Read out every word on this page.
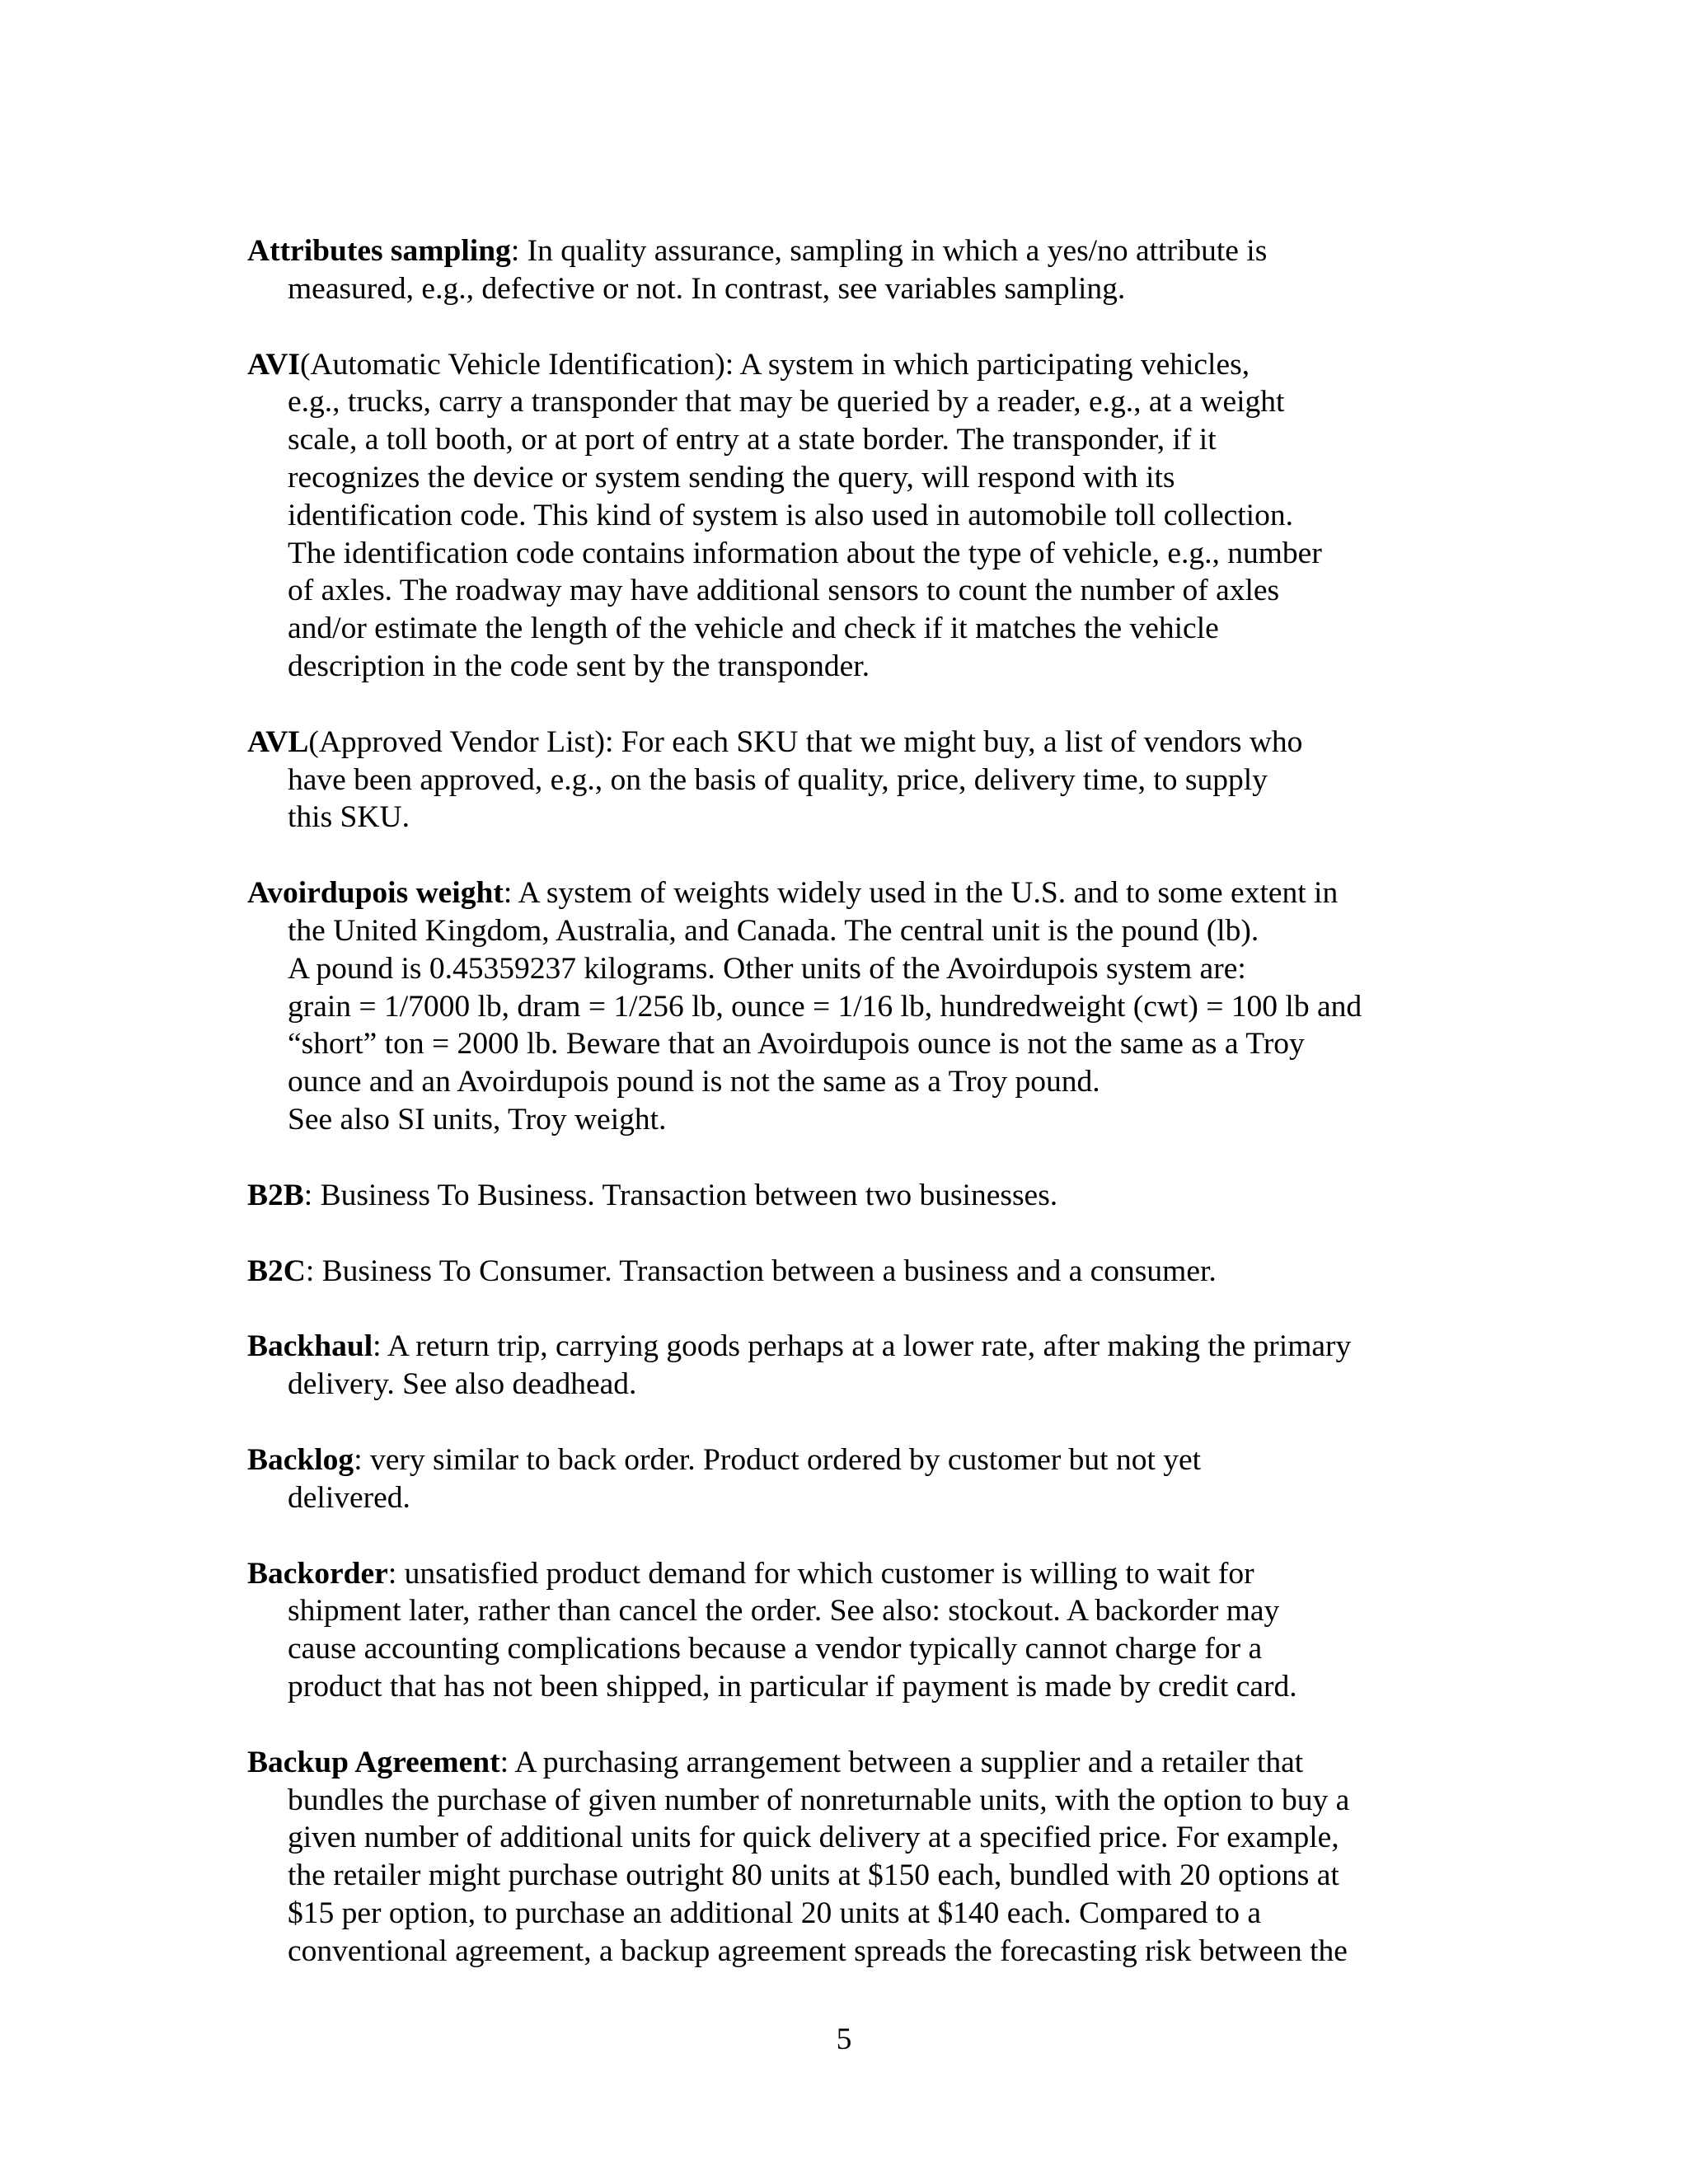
Attributes sampling: In quality assurance, sampling in which a yes/no attribute is
measured, e.g., defective or not. In contrast, see variables sampling.
AVI(Automatic Vehicle Identification): A system in which participating vehicles,
e.g., trucks, carry a transponder that may be queried by a reader, e.g., at a weight
scale, a toll booth, or at port of entry at a state border. The transponder, if it
recognizes the device or system sending the query, will respond with its
identification code. This kind of system is also used in automobile toll collection.
The identification code contains information about the type of vehicle, e.g., number
of axles. The roadway may have additional sensors to count the number of axles
and/or estimate the length of the vehicle and check if it matches the vehicle
description in the code sent by the transponder.
AVL(Approved Vendor List): For each SKU that we might buy, a list of vendors who
have been approved, e.g., on the basis of quality, price, delivery time, to supply
this SKU.
Avoirdupois weight: A system of weights widely used in the U.S. and to some extent in
the United Kingdom, Australia, and Canada. The central unit is the pound (lb).
A pound is 0.45359237 kilograms. Other units of the Avoirdupois system are:
grain = 1/7000 lb, dram = 1/256 lb, ounce = 1/16 lb, hundredweight (cwt) = 100 lb and
“short” ton = 2000 lb. Beware that an Avoirdupois ounce is not the same as a Troy
ounce and an Avoirdupois pound is not the same as a Troy pound.
See also SI units, Troy weight.
B2B: Business To Business. Transaction between two businesses.
B2C: Business To Consumer. Transaction between a business and a consumer.
Backhaul: A return trip, carrying goods perhaps at a lower rate, after making the primary
delivery. See also deadhead.
Backlog: very similar to back order. Product ordered by customer but not yet
delivered.
Backorder: unsatisfied product demand for which customer is willing to wait for
shipment later, rather than cancel the order. See also: stockout. A backorder may
cause accounting complications because a vendor typically cannot charge for a
product that has not been shipped, in particular if payment is made by credit card.
Backup Agreement: A purchasing arrangement between a supplier and a retailer that
bundles the purchase of given number of nonreturnable units, with the option to buy a
given number of additional units for quick delivery at a specified price. For example,
the retailer might purchase outright 80 units at $150 each, bundled with 20 options at
$15 per option, to purchase an additional 20 units at $140 each. Compared to a
conventional agreement, a backup agreement spreads the forecasting risk between the
5
